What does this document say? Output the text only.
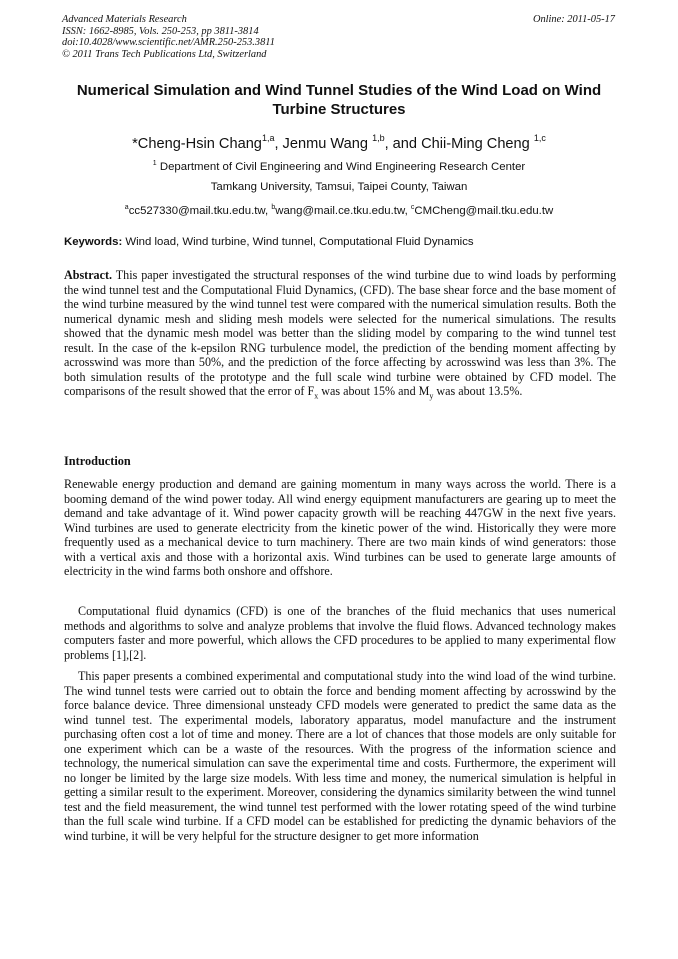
Advanced Materials Research
ISSN: 1662-8985, Vols. 250-253, pp 3811-3814
doi:10.4028/www.scientific.net/AMR.250-253.3811
© 2011 Trans Tech Publications Ltd, Switzerland
Online: 2011-05-17
Numerical Simulation and Wind Tunnel Studies of the Wind Load on Wind Turbine Structures
*Cheng-Hsin Chang$^{1,a}$, Jenmu Wang $^{1,b}$, and Chii-Ming Cheng $^{1,c}$
$^1$ Department of Civil Engineering and Wind Engineering Research Center
Tamkang University, Tamsui, Taipei County, Taiwan
$^a$cc527330@mail.tku.edu.tw, $^b$wang@mail.ce.tku.edu.tw, $^c$CMCheng@mail.tku.edu.tw
Keywords: Wind load, Wind turbine, Wind tunnel, Computational Fluid Dynamics

Abstract. This paper investigated the structural responses of the wind turbine due to wind loads by performing the wind tunnel test and the Computational Fluid Dynamics, (CFD). The base shear force and the base moment of the wind turbine measured by the wind tunnel test were compared with the numerical simulation results. Both the numerical dynamic mesh and sliding mesh models were selected for the numerical simulations. The results showed that the dynamic mesh model was better than the sliding model by comparing to the wind tunnel test result. In the case of the k-epsilon RNG turbulence model, the prediction of the bending moment affecting by acrosswind was more than 50%, and the prediction of the force affecting by acrosswind was less than 3%. The both simulation results of the prototype and the full scale wind turbine were obtained by CFD model. The comparisons of the result showed that the error of $F_x$ was about 15% and $M_y$ was about 13.5%.

Introduction

Renewable energy production and demand are gaining momentum in many ways across the world. There is a booming demand of the wind power today. All wind energy equipment manufacturers are gearing up to meet the demand and take advantage of it. Wind power capacity growth will be reaching 447GW in the next five years. Wind turbines are used to generate electricity from the kinetic power of the wind. Historically they were more frequently used as a mechanical device to turn machinery. There are two main kinds of wind generators: those with a vertical axis and those with a horizontal axis. Wind turbines can be used to generate large amounts of electricity in the wind farms both onshore and offshore.

Computational fluid dynamics (CFD) is one of the branches of the fluid mechanics that uses numerical methods and algorithms to solve and analyze problems that involve the fluid flows. Advanced technology makes computers faster and more powerful, which allows the CFD procedures to be applied to many experimental flow problems [1],[2].

This paper presents a combined experimental and computational study into the wind load of the wind turbine. The wind tunnel tests were carried out to obtain the force and bending moment affecting by acrosswind by the force balance device. Three dimensional unsteady CFD models were generated to predict the same data as the wind tunnel test. The experimental models, laboratory apparatus, model manufacture and the instrument purchasing often cost a lot of time and money. There are a lot of chances that those models are only suitable for one experiment which can be a waste of the resources. With the progress of the information science and technology, the numerical simulation can save the experimental time and costs. Furthermore, the experiment will no longer be limited by the large size models. With less time and money, the numerical simulation is helpful in getting a similar result to the experiment. Moreover, considering the dynamics similarity between the wind tunnel test and the field measurement, the wind tunnel test performed with the lower rotating speed of the wind turbine than the full scale wind turbine. If a CFD model can be established for predicting the dynamic behaviors of the wind turbine, it will be very helpful for the structure designer to get more information
